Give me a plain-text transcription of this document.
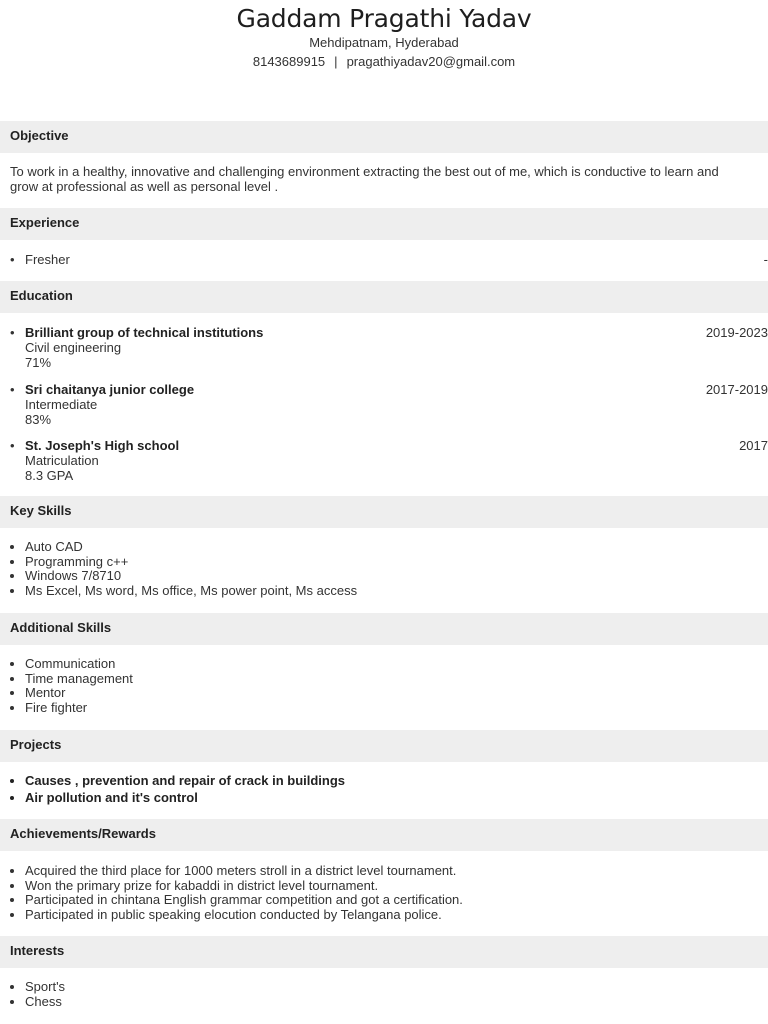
Gaddam Pragathi Yadav
Mehdipatnam, Hyderabad
8143689915 | pragathiyadav20@gmail.com
Objective
To work in a healthy, innovative and challenging environment extracting the best out of me, which is conductive to learn and grow at professional as well as personal level .
Experience
• Fresher	-
Education
• Brilliant group of technical institutions	2019-2023
Civil engineering
71%
• Sri chaitanya junior college	2017-2019
Intermediate
83%
• St. Joseph's High school	2017
Matriculation
8.3 GPA
Key Skills
• Auto CAD
• Programming c++
• Windows 7/8710
• Ms Excel, Ms word, Ms office, Ms power point, Ms access
Additional Skills
• Communication
• Time management
• Mentor
• Fire fighter
Projects
• Causes , prevention and repair of crack in buildings
• Air pollution and it's control
Achievements/Rewards
• Acquired the third place for 1000 meters stroll in a district level tournament.
• Won the primary prize for kabaddi in district level tournament.
• Participated in chintana English grammar competition and got a certification.
• Participated in public speaking elocution conducted by Telangana police.
Interests
• Sport's
• Chess
